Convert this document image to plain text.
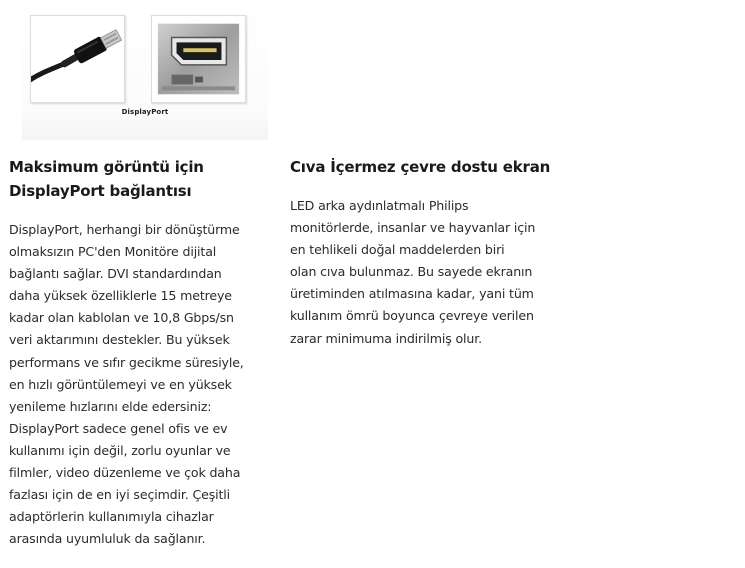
DisplayPort
Maksimum görüntü için
DisplayPort bağlantısı

DisplayPort, herhangi bir dönüştürme
olmaksızın PC'den Monitöre dijital
bağlantı sağlar. DVI standardından
daha yüksek özelliklerle 15 metreye
kadar olan kablolan ve 10,8 Gbps/sn
veri aktarımını destekler. Bu yüksek
performans ve sıfır gecikme süresiyle,
en hızlı görüntülemeyi ve en yüksek
yenileme hızlarını elde edersiniz:
DisplayPort sadece genel ofis ve ev
kullanımı için değil, zorlu oyunlar ve
filmler, video düzenleme ve çok daha
fazlası için de en iyi seçimdir. Çeşitli
adaptörlerin kullanımıyla cihazlar
arasında uyumluluk da sağlanır.

Cıva İçermez çevre dostu ekran

LED arka aydınlatmalı Philips
monitörlerde, insanlar ve hayvanlar için
en tehlikeli doğal maddelerden biri
olan cıva bulunmaz. Bu sayede ekranın
üretiminden atılmasına kadar, yani tüm
kullanım ömrü boyunca çevreye verilen
zarar minimuma indirilmiş olur.
